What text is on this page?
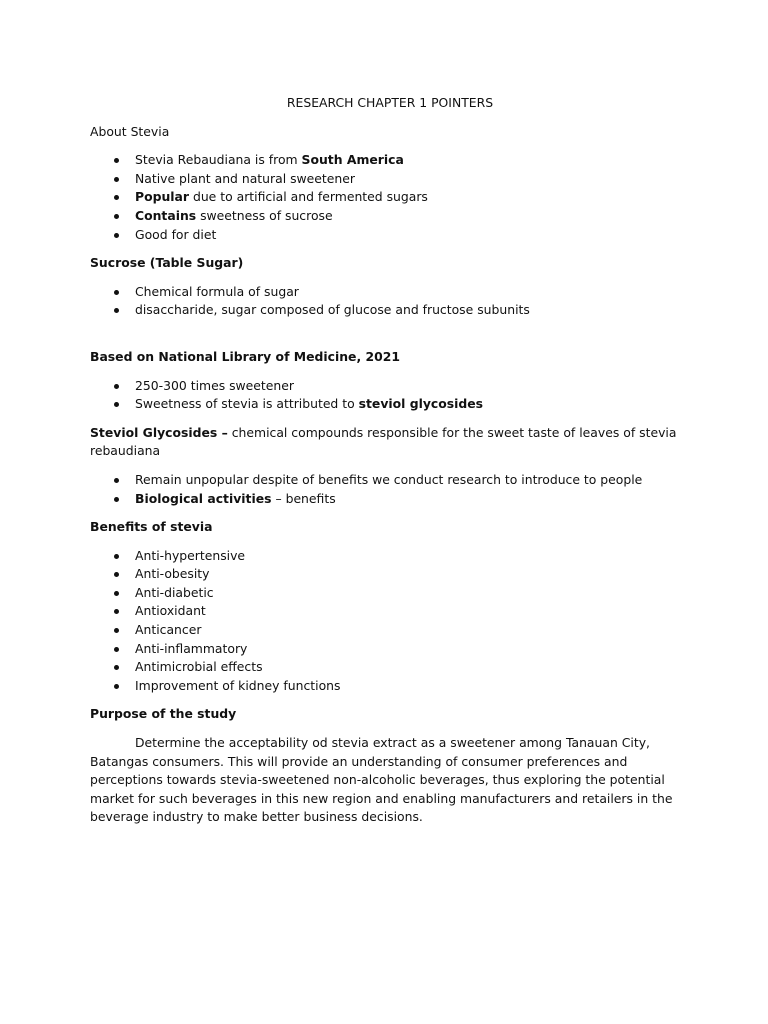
RESEARCH CHAPTER 1 POINTERS
About Stevia
Stevia Rebaudiana is from South America
Native plant and natural sweetener
Popular due to artificial and fermented sugars
Contains sweetness of sucrose
Good for diet
Sucrose (Table Sugar)
Chemical formula of sugar
disaccharide, sugar composed of glucose and fructose subunits
Based on National Library of Medicine, 2021
250-300 times sweetener
Sweetness of stevia is attributed to steviol glycosides
Steviol Glycosides – chemical compounds responsible for the sweet taste of leaves of stevia rebaudiana
Remain unpopular despite of benefits we conduct research to introduce to people
Biological activities – benefits
Benefits of stevia
Anti-hypertensive
Anti-obesity
Anti-diabetic
Antioxidant
Anticancer
Anti-inflammatory
Antimicrobial effects
Improvement of kidney functions
Purpose of the study

Determine the acceptability od stevia extract as a sweetener among Tanauan City, Batangas consumers. This will provide an understanding of consumer preferences and perceptions towards stevia-sweetened non-alcoholic beverages, thus exploring the potential market for such beverages in this new region and enabling manufacturers and retailers in the beverage industry to make better business decisions.
